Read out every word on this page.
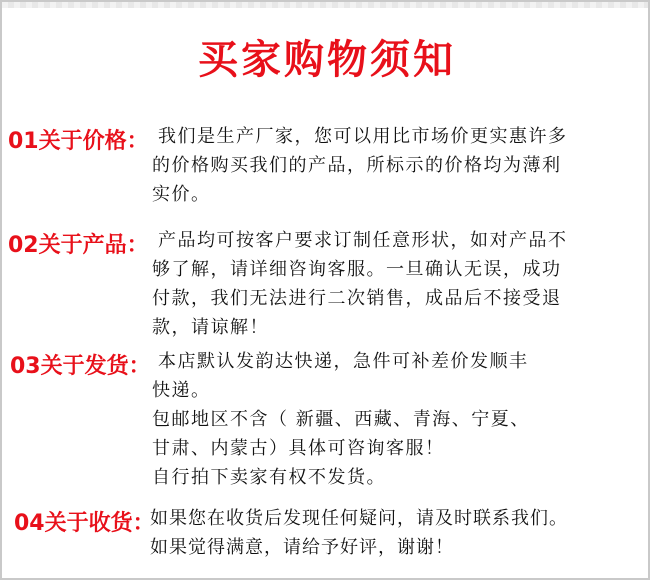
买家购物须知
01关于价格： 我们是生产厂家，您可以用比市场价更实惠许多
的价格购买我们的产品，所标示的价格均为薄利
实价。
02关于产品： 产品均可按客户要求订制任意形状，如对产品不
够了解，请详细咨询客服。一旦确认无误，成功
付款，我们无法进行二次销售，成品后不接受退
款，请谅解！
03关于发货： 本店默认发韵达快递，急件可补差价发顺丰
快递。
包邮地区不含（ 新疆、西藏、青海、宁夏、
甘肃、内蒙古）具体可咨询客服！
自行拍下卖家有权不发货。
04关于收货：
如果您在收货后发现任何疑问，请及时联系我们。
如果觉得满意，请给予好评，谢谢！
